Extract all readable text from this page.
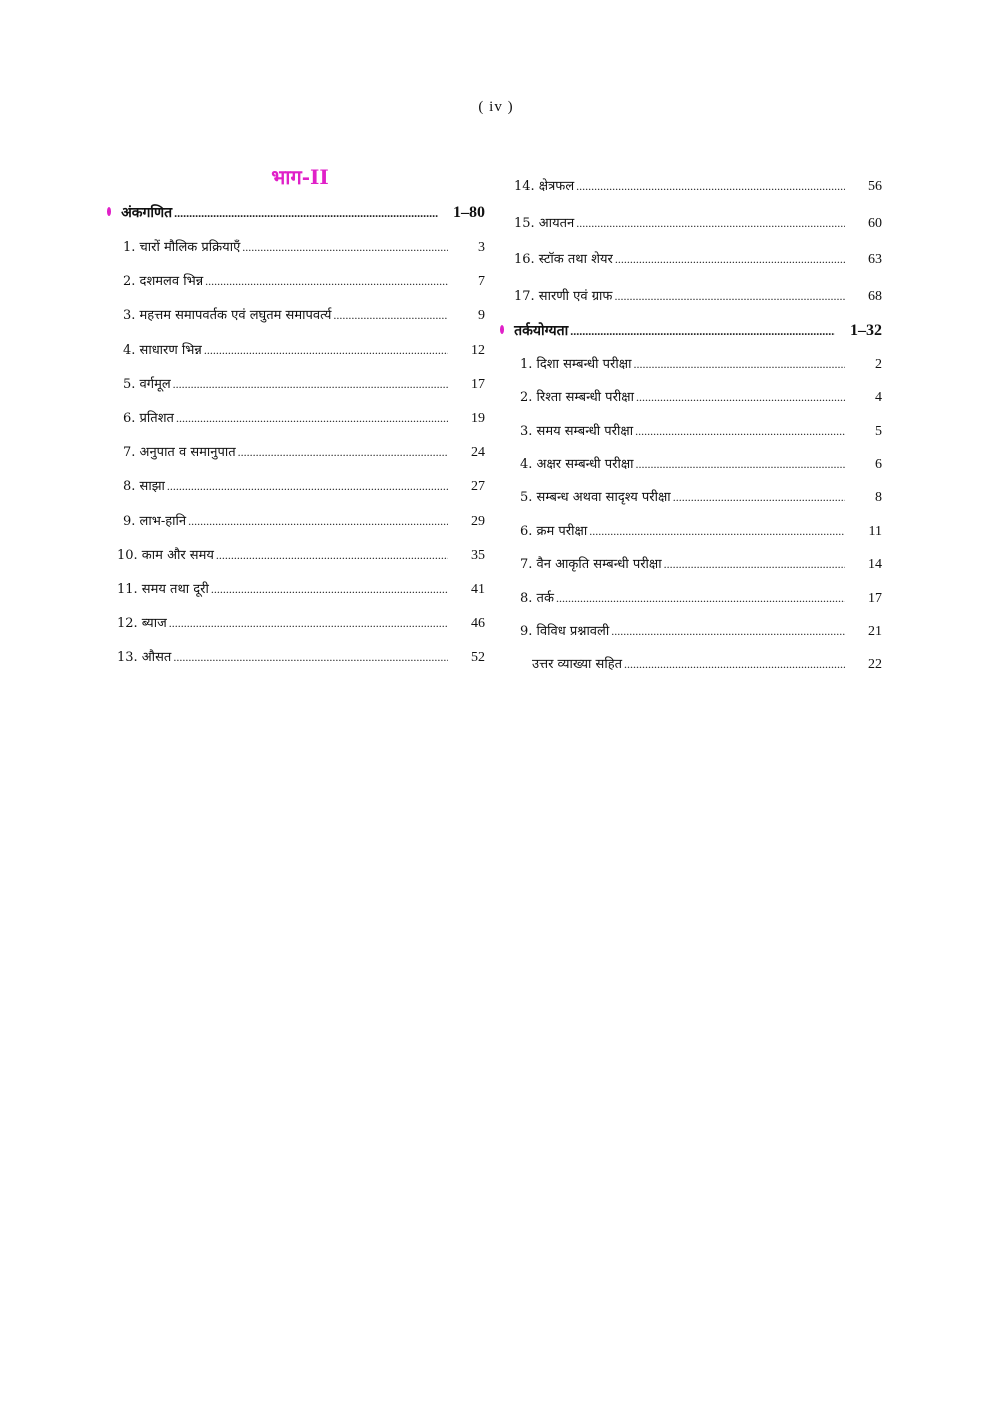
( iv )
भाग-II
अंकगणित .....	1–80
1. चारों मौलिक प्रक्रियाएँ .....	3
2. दशमलव भिन्न .....	7
3. महत्तम समापवर्तक एवं लघुतम समापवर्त्य .....	9
4. साधारण भिन्न .....	12
5. वर्गमूल .....	17
6. प्रतिशत .....	19
7. अनुपात व समानुपात .....	24
8. साझा .....	27
9. लाभ-हानि .....	29
10. काम और समय .....	35
11. समय तथा दूरी .....	41
12. ब्याज .....	46
13. औसत .....	52
14. क्षेत्रफल .....	56
15. आयतन .....	60
16. स्टॉक तथा शेयर .....	63
17. सारणी एवं ग्राफ .....	68
तर्कयोग्यता .....	1–32
1. दिशा सम्बन्धी परीक्षा .....	2
2. रिश्ता सम्बन्धी परीक्षा .....	4
3. समय सम्बन्धी परीक्षा .....	5
4. अक्षर सम्बन्धी परीक्षा .....	6
5. सम्बन्ध अथवा सादृश्य परीक्षा .....	8
6. क्रम परीक्षा .....	11
7. वैन आकृति सम्बन्धी परीक्षा .....	14
8. तर्क .....	17
9. विविध प्रश्नावली .....	21
उत्तर व्याख्या सहित .....	22
